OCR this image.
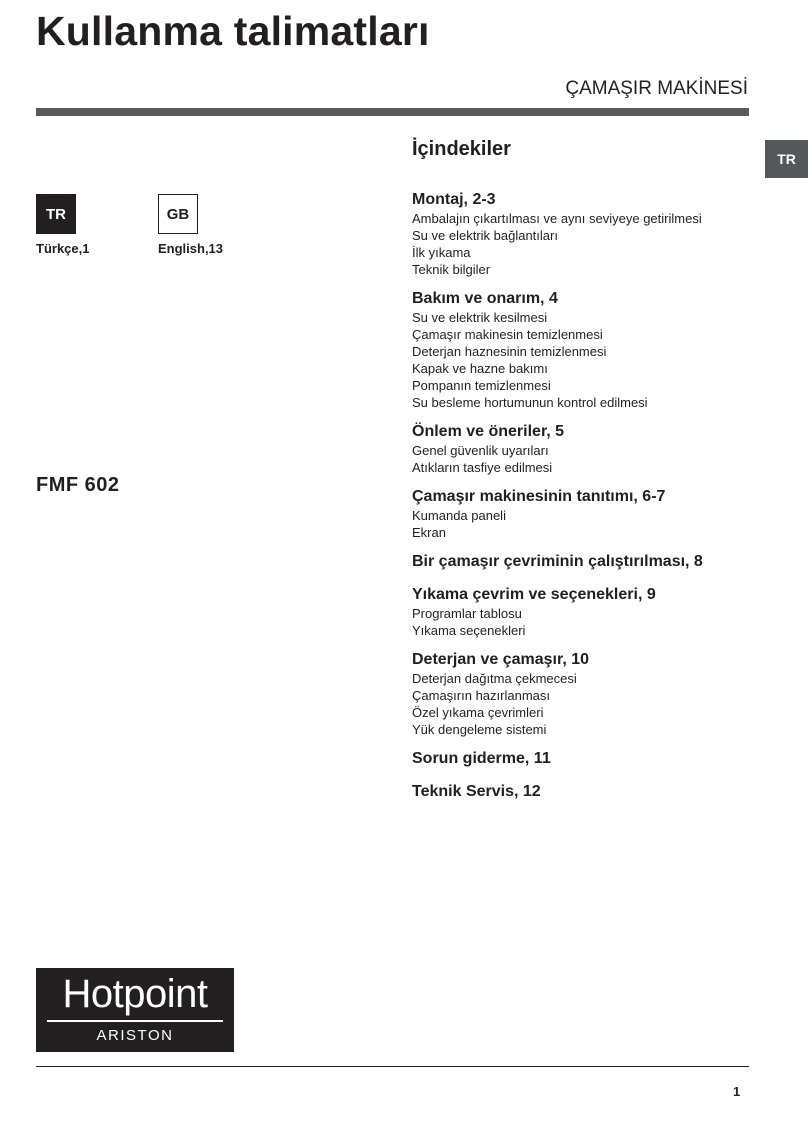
Kullanma talimatları
ÇAMAŞIR MAKİNESİ
TR
TR
Türkçe,1
GB
English,13
FMF 602
İçindekiler
Montaj, 2-3
Ambalajın çıkartılması ve aynı seviyeye getirilmesi
Su ve elektrik bağlantıları
İlk yıkama
Teknik bilgiler
Bakım ve onarım, 4
Su ve elektrik kesilmesi
Çamaşır makinesin temizlenmesi
Deterjan haznesinin temizlenmesi
Kapak ve hazne bakımı
Pompanın temizlenmesi
Su besleme hortumunun kontrol edilmesi
Önlem ve öneriler, 5
Genel güvenlik uyarıları
Atıkların tasfiye edilmesi
Çamaşır makinesinin tanıtımı, 6-7
Kumanda paneli
Ekran
Bir çamaşır çevriminin çalıştırılması, 8
Yıkama çevrim ve seçenekleri, 9
Programlar tablosu
Yıkama seçenekleri
Deterjan ve çamaşır, 10
Deterjan dağıtma çekmecesi
Çamaşırın hazırlanması
Özel yıkama çevrimleri
Yük dengeleme sistemi
Sorun giderme, 11
Teknik Servis, 12
Hotpoint
ARISTON
1
